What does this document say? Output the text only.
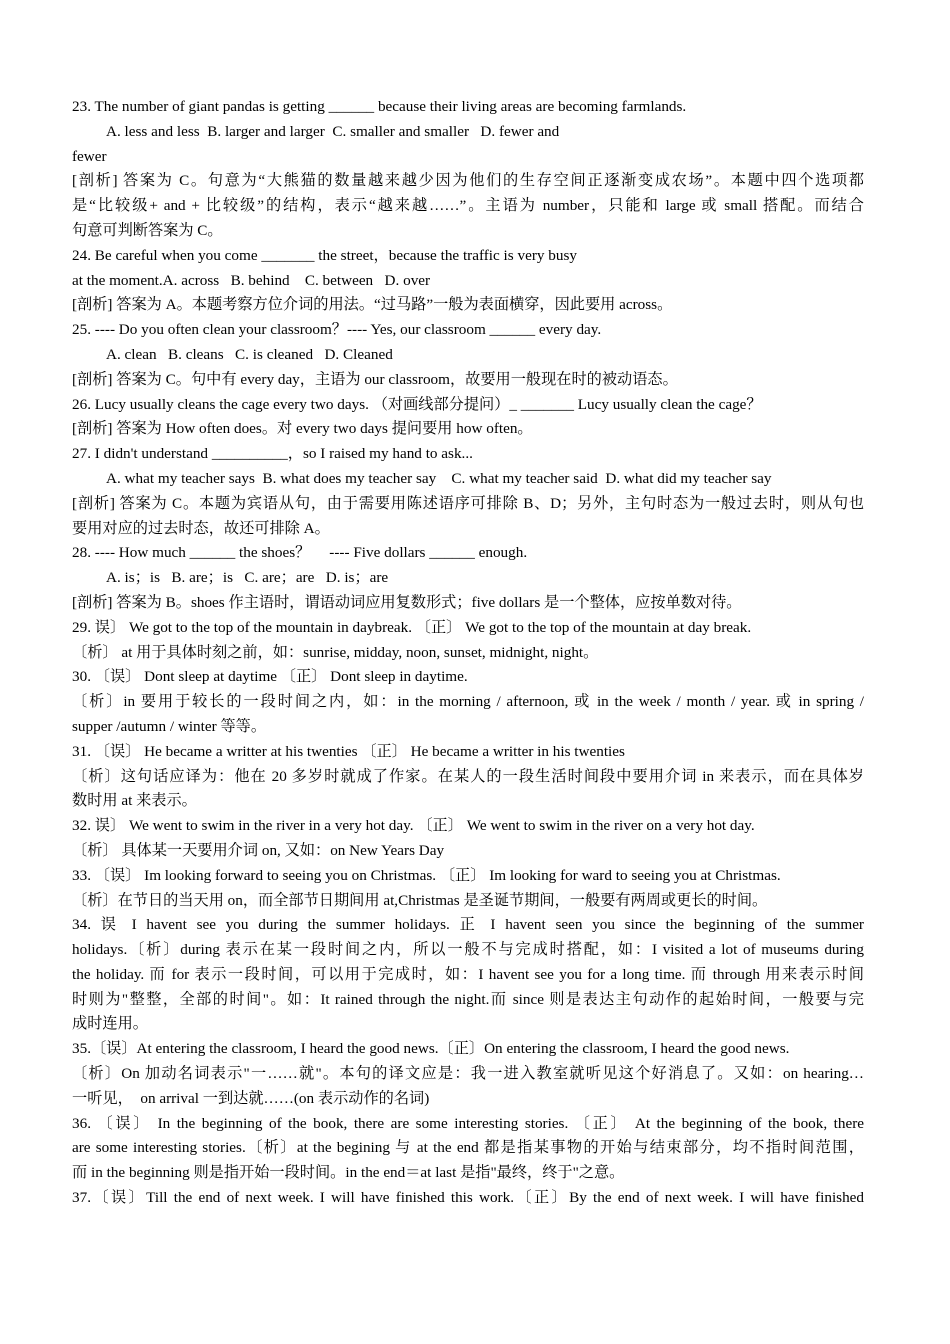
23. The number of giant pandas is getting ______ because their living areas are becoming farmlands.
A. less and less  B. larger and larger  C. smaller and smaller   D. fewer and
fewer
[剖析] 答案为 C。句意为“大熊猫的数量越来越少因为他们的生存空间正逐渐变成农场”。本题中四个选项都
是“比较级+ and + 比较级”的结构，表示“越来越……”。主语为 number，只能和 large 或 small 搭配。而结合
句意可判断答案为 C。
24. Be careful when you come _______ the street，because the traffic is very busy
at the moment.A. across   B. behind    C. between   D. over
[剖析] 答案为 A。本题考察方位介词的用法。“过马路”一般为表面横穿，因此要用 across。
25. ---- Do you often clean your classroom？---- Yes, our classroom ______ every day.
A. clean   B. cleans   C. is cleaned   D. Cleaned
[剖析] 答案为 C。句中有 every day，主语为 our classroom，故要用一般现在时的被动语态。
26. Lucy usually cleans the cage every two days. （对画线部分提问）_ _______ Lucy usually clean the cage？
[剖析] 答案为 How often does。对 every two days 提问要用 how often。
27. I didn't understand __________，so I raised my hand to ask...
A. what my teacher says  B. what does my teacher say    C. what my teacher said  D. what did my teacher say
[剖析] 答案为 C。本题为宾语从句，由于需要用陈述语序可排除 B、D；另外，主句时态为一般过去时，则从句也
要用对应的过去时态，故还可排除 A。
28. ---- How much ______ the shoes？     ---- Five dollars ______ enough.
A. is；is   B. are；is   C. are；are   D. is；are
[剖析] 答案为 B。shoes 作主语时，谓语动词应用复数形式；five dollars 是一个整体，应按单数对待。
29. 误〕 We got to the top of the mountain in daybreak. 〔正〕 We got to the top of the mountain at day break.
〔析〕 at 用于具体时刻之前，如：sunrise, midday, noon, sunset, midnight, night。
30. 〔误〕 Dont sleep at daytime 〔正〕 Dont sleep in daytime.
〔析〕in 要用于较长的一段时间之内，如：in the morning / afternoon, 或 in the week / month / year. 或 in spring /
supper /autumn / winter 等等。
31. 〔误〕 He became a writter at his twenties 〔正〕 He became a writter in his twenties
〔析〕这句话应译为：他在 20 多岁时就成了作家。在某人的一段生活时间段中要用介词 in 来表示，而在具体岁
数时用 at 来表示。
32. 误〕 We went to swim in the river in a very hot day. 〔正〕 We went to swim in the river on a very hot day.
〔析〕 具体某一天要用介词 on, 又如：on New Years Day
33. 〔误〕 Im looking forward to seeing you on Christmas. 〔正〕 Im looking for ward to seeing you at Christmas.
〔析〕在节日的当天用 on，而全部节日期间用 at,Christmas 是圣诞节期间，一般要有两周或更长的时间。
34. 误 I havent see you during the summer holidays. 正 I havent seen you since the beginning of the summer
holidays.〔析〕during 表示在某一段时间之内，所以一般不与完成时搭配，如：I visited a lot of museums during
the holiday. 而 for 表示一段时间，可以用于完成时，如：I havent see you for a long time. 而 through 用来表示时间
时则为"整整，全部的时间"。如：It rained through the night.而 since 则是表达主句动作的起始时间，一般要与完
成时连用。
35.〔误〕At entering the classroom, I heard the good news.〔正〕On entering the classroom, I heard the good news.
〔析〕On 加动名词表示"一……就"。本句的译文应是：我一进入教室就听见这个好消息了。又如：on hearing…
一听见，  on arrival 一到达就……(on 表示动作的名词)
36. 〔误〕 In the beginning of the book, there are some interesting stories. 〔正〕 At the beginning of the book, there
are some interesting stories.〔析〕at the begining 与 at the end 都是指某事物的开始与结束部分，均不指时间范围，
而 in the beginning 则是指开始一段时间。in the end＝at last 是指"最终，终于"之意。
37.〔误〕Till the end of next week. I will have finished this work.〔正〕By the end of next week. I will have finished
